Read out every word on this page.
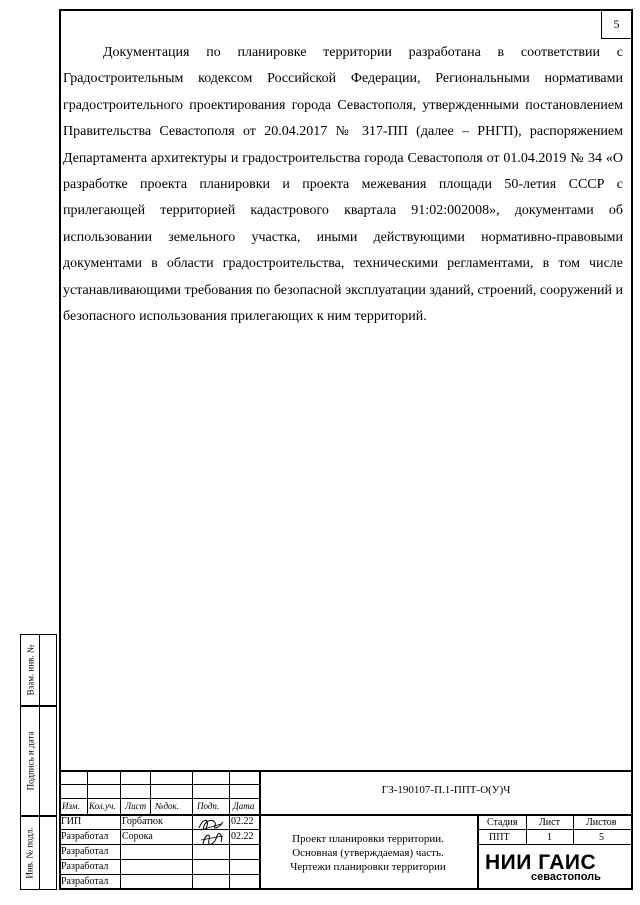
5

Документация по планировке территории разработана в соответствии с Градостроительным кодексом Российской Федерации, Региональными нормативами градостроительного проектирования города Севастополя, утвержденными постановлением Правительства Севастополя от 20.04.2017 № 317-ПП (далее – РНГП), распоряжением Департамента архитектуры и градостроительства города Севастополя от 01.04.2019 № 34 «О разработке проекта планировки и проекта межевания площади 50-летия СССР с прилегающей территорией кадастрового квартала 91:02:002008», документами об использовании земельного участка, иными действующими нормативно-правовыми документами в области градостроительства, техническими регламентами, в том числе устанавливающими требования по безопасной эксплуатации зданий, строений, сооружений и безопасного использования прилегающих к ним территорий.

Взам. инв. №
Подпись и дата
Инв. № подл.
ГЗ-190107-П.1-ППТ-О(У)Ч
Изм. Кол.уч. Лист №док. Подп. Дата
ГИП	Горбатюк	02.22
Разработал Сорока	02.22
Разработал
Разработал
Разработал
Проект планировки территории.
Основная (утверждаемая) часть.
Чертежи планировки территории
Стадия Лист	Листов
ППТ	1	5
НИИ ГАИС
севастополь
